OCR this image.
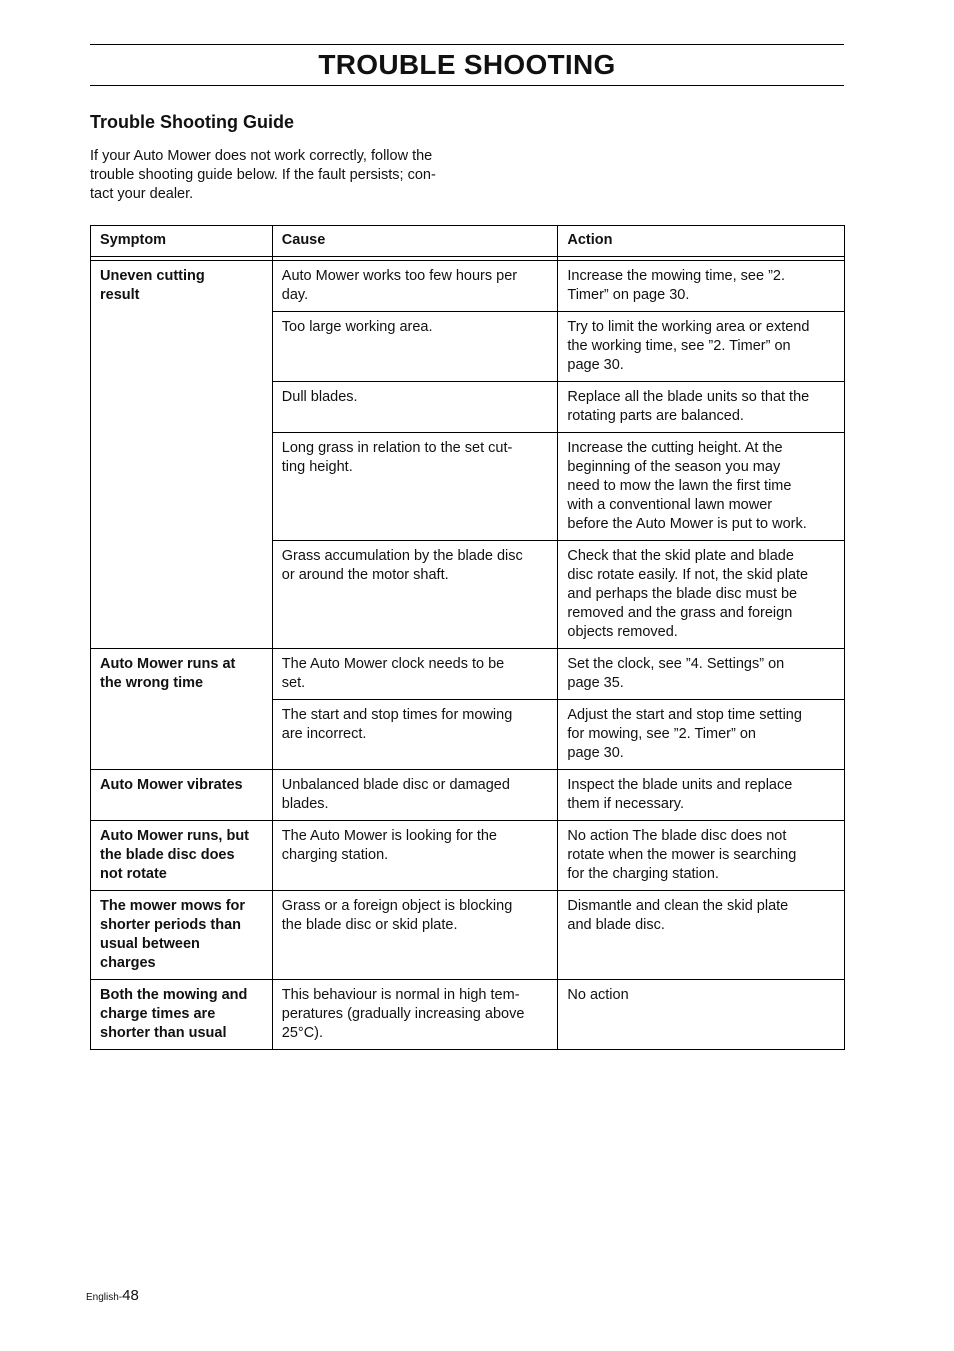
TROUBLE SHOOTING
Trouble Shooting Guide

If your Auto Mower does not work correctly, follow the
trouble shooting guide below. If the fault persists; con-
tact your dealer.

Symptom	Cause	Action

Uneven cutting
result	Auto Mower works too few hours per
day.	Increase the mowing time, see ”2.
Timer” on page 30.
	Too large working area.	Try to limit the working area or extend
the working time, see ”2. Timer” on
page 30.
	Dull blades.	Replace all the blade units so that the
rotating parts are balanced.
	Long grass in relation to the set cut-
ting height.	Increase the cutting height. At the
beginning of the season you may
need to mow the lawn the first time
with a conventional lawn mower
before the Auto Mower is put to work.
	Grass accumulation by the blade disc
or around the motor shaft.	Check that the skid plate and blade
disc rotate easily. If not, the skid plate
and perhaps the blade disc must be
removed and the grass and foreign
objects removed.
Auto Mower runs at
the wrong time	The Auto Mower clock needs to be
set.	Set the clock, see ”4. Settings” on
page 35.
	The start and stop times for mowing
are incorrect.	Adjust the start and stop time setting
for mowing, see ”2. Timer” on
page 30.
Auto Mower vibrates	Unbalanced blade disc or damaged
blades.	Inspect the blade units and replace
them if necessary.
Auto Mower runs, but
the blade disc does
not rotate	The Auto Mower is looking for the
charging station.	No action The blade disc does not
rotate when the mower is searching
for the charging station.
The mower mows for
shorter periods than
usual between
charges	Grass or a foreign object is blocking
the blade disc or skid plate.	Dismantle and clean the skid plate
and blade disc.
Both the mowing and
charge times are
shorter than usual	This behaviour is normal in high tem-
peratures (gradually increasing above
25°C).	No action
English-48
